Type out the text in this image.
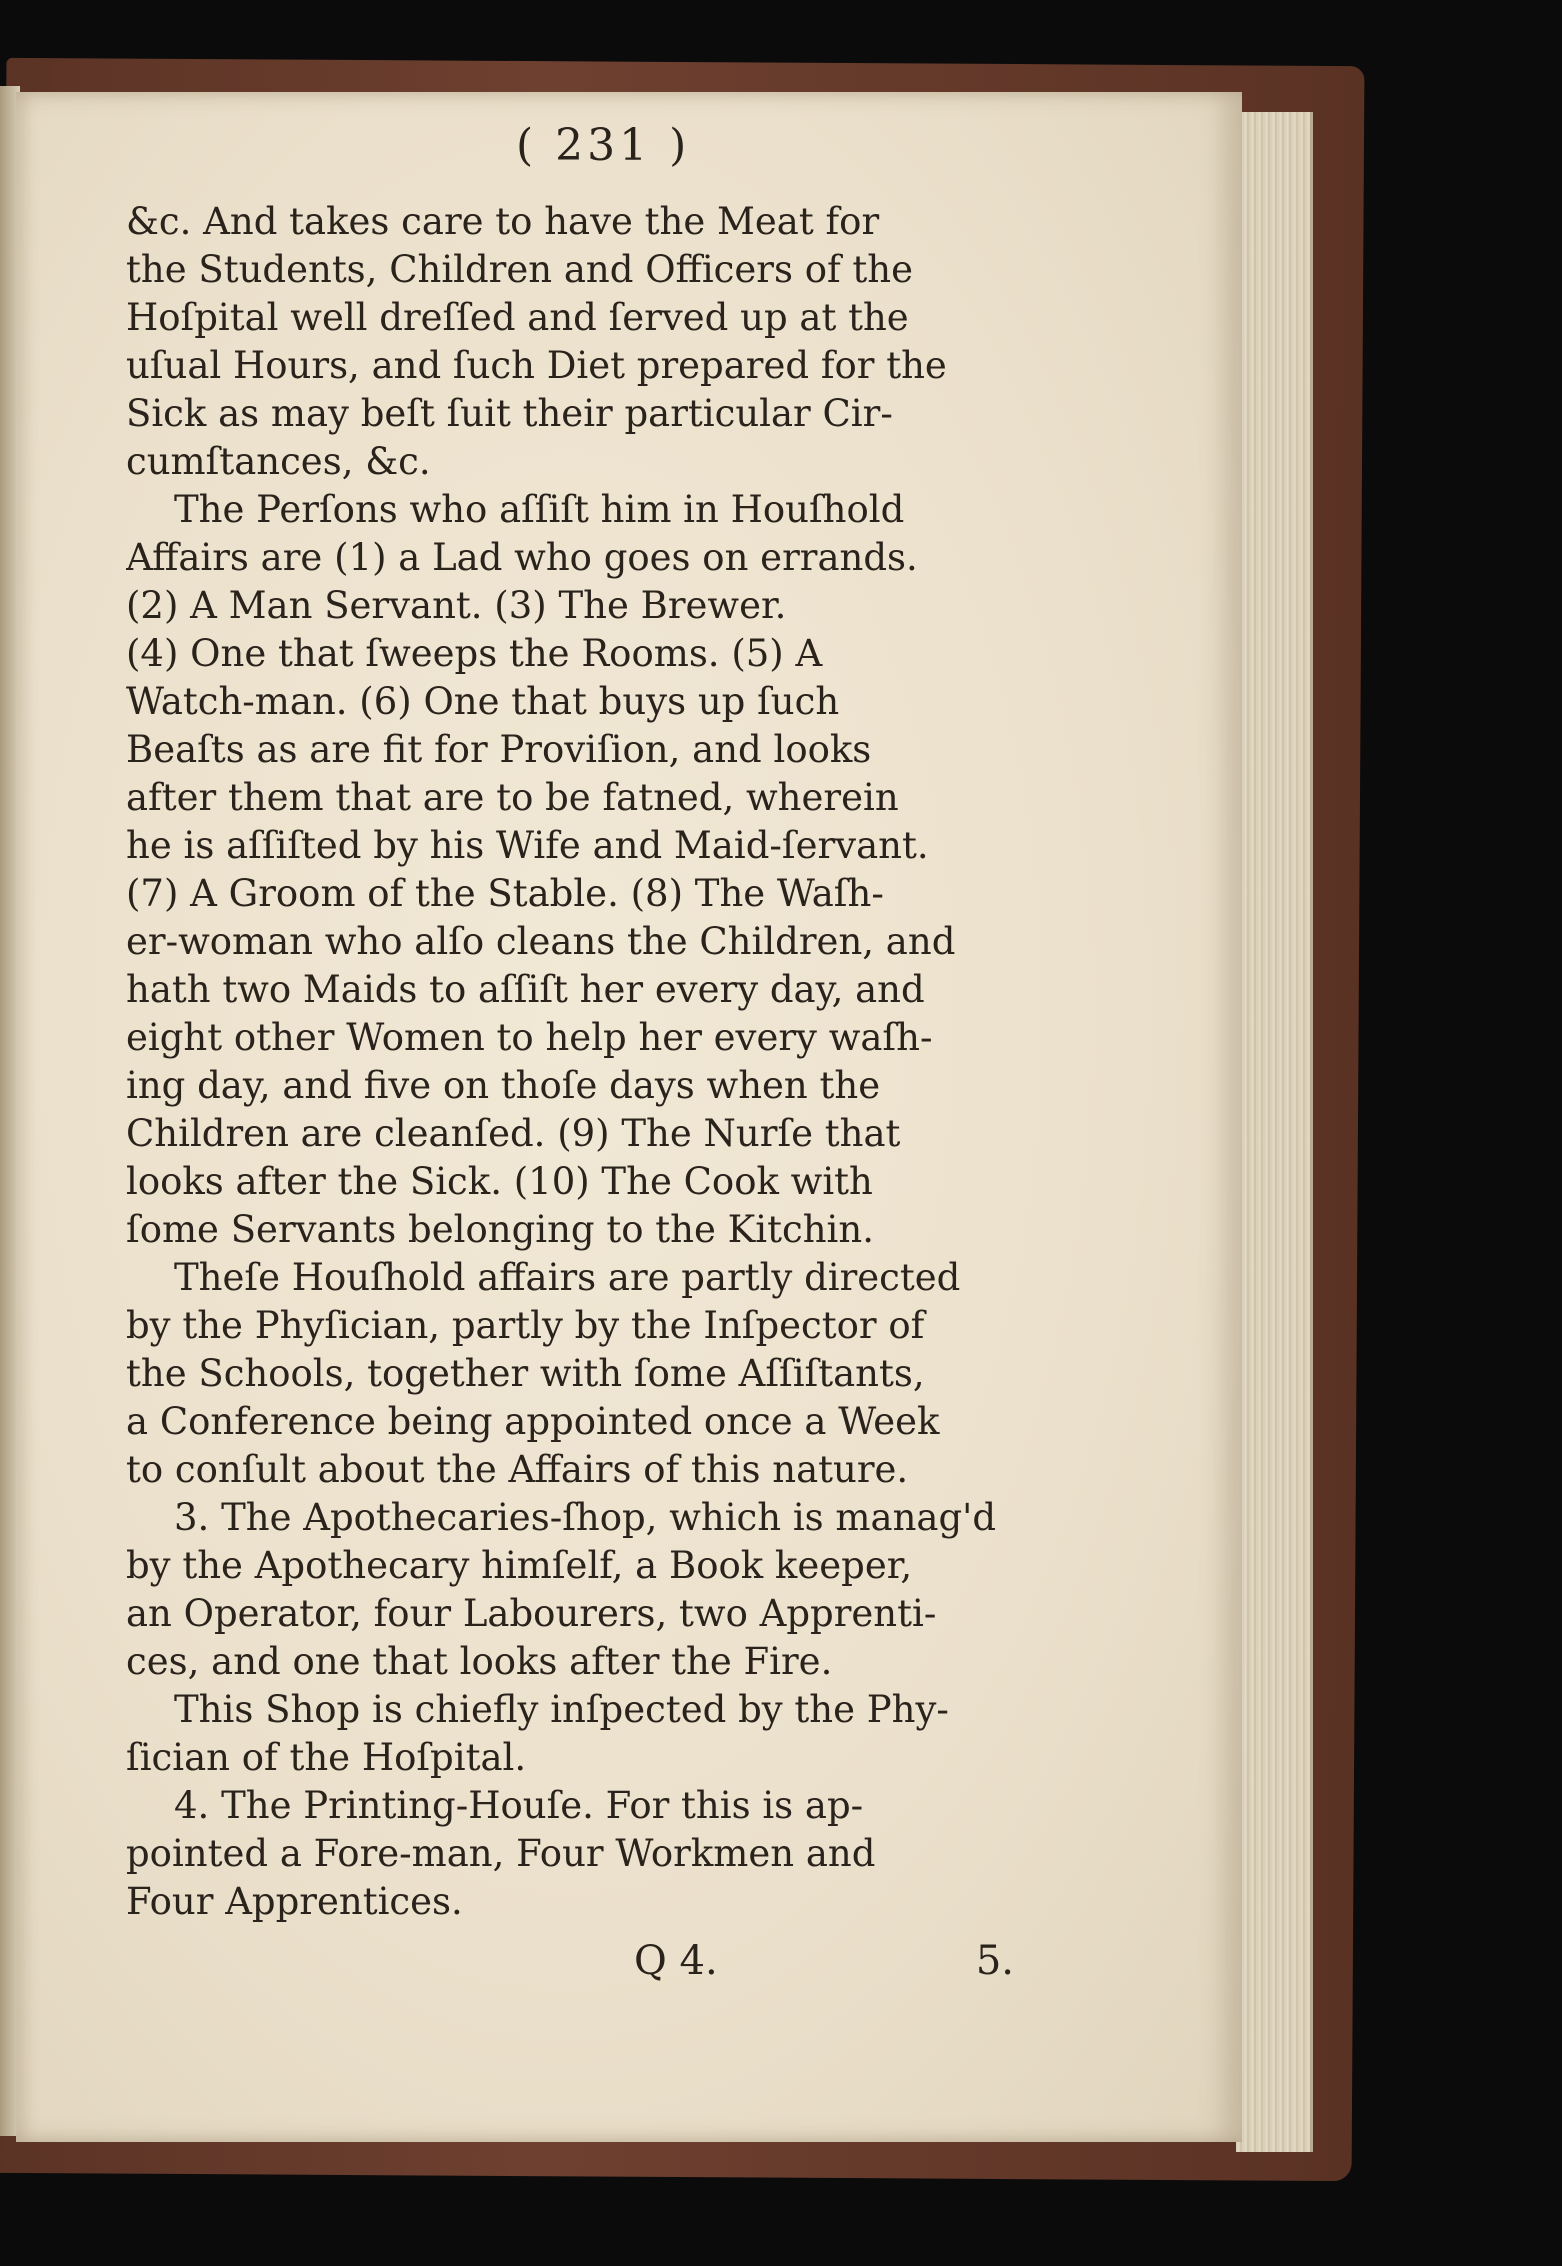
( 231 )
&c. And takes care to have the Meat for
the Students, Children and Officers of the
Hoſpital well dreſſed and ſerved up at the
uſual Hours, and ſuch Diet prepared for the
Sick as may beſt ſuit their particular Cir-
cumſtances, &c.
The Perſons who aſſiſt him in Houſhold
Affairs are (1) a Lad who goes on errands.
(2) A Man Servant. (3) The Brewer.
(4) One that ſweeps the Rooms. (5) A
Watch-man. (6) One that buys up ſuch
Beaſts as are fit for Proviſion, and looks
after them that are to be fatned, wherein
he is aſſiſted by his Wife and Maid-ſervant.
(7) A Groom of the Stable. (8) The Waſh-
er-woman who alſo cleans the Children, and
hath two Maids to aſſiſt her every day, and
eight other Women to help her every waſh-
ing day, and five on thoſe days when the
Children are cleanſed. (9) The Nurſe that
looks after the Sick. (10) The Cook with
ſome Servants belonging to the Kitchin.
Theſe Houſhold affairs are partly directed
by the Phyſician, partly by the Inſpector of
the Schools, together with ſome Aſſiſtants,
a Conference being appointed once a Week
to conſult about the Affairs of this nature.
3. The Apothecaries-ſhop, which is manag'd
by the Apothecary himſelf, a Book keeper,
an Operator, four Labourers, two Apprenti-
ces, and one that looks after the Fire.
This Shop is chiefly inſpected by the Phy-
ſician of the Hoſpital.
4. The Printing-Houſe. For this is ap-
pointed a Fore-man, Four Workmen and
Four Apprentices.
Q 4.	5.
